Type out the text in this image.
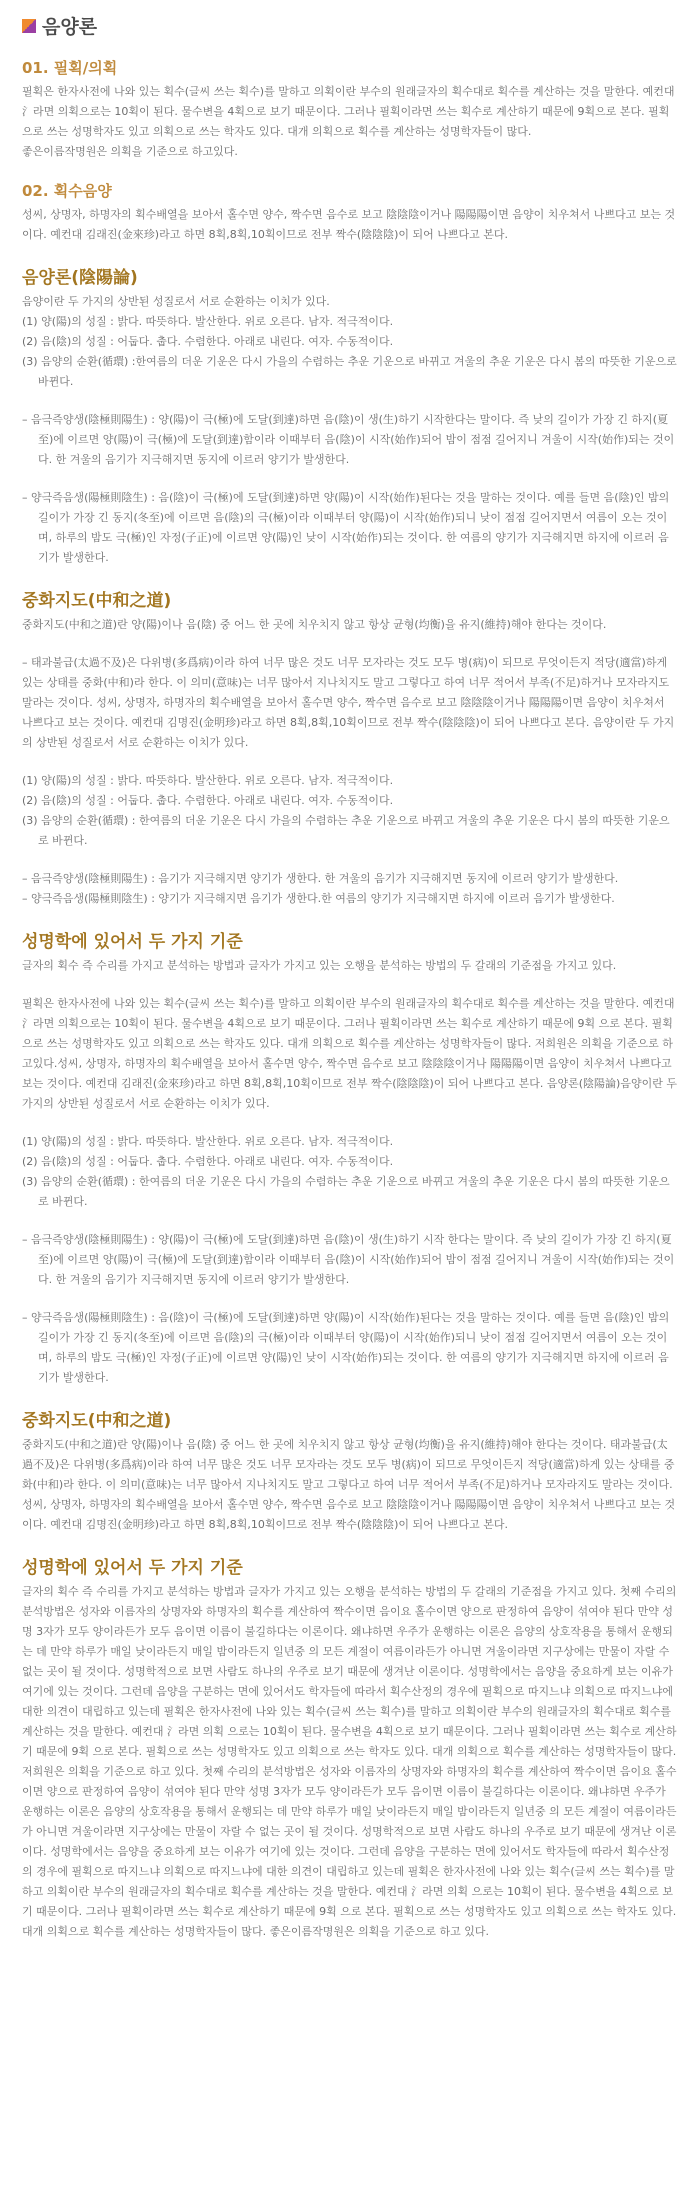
음양론
01. 필획/의획

필획은 한자사전에 나와 있는 획수(글씨 쓰는 획수)를 말하고 의획이란 부수의 원래글자의 획수대로 획수를 계산하는 것을 말한다. 예컨대 氵라면 의획으로는 10획이 된다. 물수변을 4획으로 보기 때문이다. 그러나 필획이라면 쓰는 획수로 계산하기 때문에 9획으로 본다. 필획으로 쓰는 성명학자도 있고 의획으로 쓰는 학자도 있다. 대개 의획으로 획수를 계산하는 성명학자들이 많다.

좋은이름작명원은 의획을 기준으로 하고있다.

02. 획수음양

성씨, 상명자, 하명자의 획수배열을 보아서 홀수면 양수, 짝수면 음수로 보고 陰陰陰이거나 陽陽陽이면 음양이 치우쳐서 나쁘다고 보는 것이다. 예컨대 김래진(金來珍)라고 하면 8획,8획,10획이므로 전부 짝수(陰陰陰)이 되어 나쁘다고 본다.

음양론(陰陽論)

음양이란 두 가지의 상반된 성질로서 서로 순환하는 이치가 있다.

(1) 양(陽)의 성질 : 밝다. 따뜻하다. 발산한다. 위로 오른다. 남자. 적극적이다.

(2) 음(陰)의 성질 : 어둡다. 춥다. 수렴한다. 아래로 내린다. 여자. 수동적이다.

(3) 음양의 순환(循環) :한여름의 더운 기운은 다시 가을의 수렴하는 추운 기운으로 바뀌고 겨울의 추운 기운은 다시 봄의 따뜻한 기운으로 바뀐다.

– 음극즉양생(陰極則陽生) : 양(陽)이 극(極)에 도달(到達)하면 음(陰)이 생(生)하기 시작한다는 말이다. 즉 낮의 길이가 가장 긴 하지(夏至)에 이르면 양(陽)이 극(極)에 도달(到達)함이라 이때부터 음(陰)이 시작(始作)되어 밤이 점점 길어지니 겨울이 시작(始作)되는 것이다. 한 겨울의 음기가 지극해지면 동지에 이르러 양기가 발생한다.

– 양극즉음생(陽極則陰生) : 음(陰)이 극(極)에 도달(到達)하면 양(陽)이 시작(始作)된다는 것을 말하는 것이다. 예를 들면 음(陰)인 밤의 길이가 가장 긴 동지(冬至)에 이르면 음(陰)의 극(極)이라 이때부터 양(陽)이 시작(始作)되니 낮이 점점 길어지면서 여름이 오는 것이며, 하루의 밤도 극(極)인 자정(子正)에 이르면 양(陽)인 낮이 시작(始作)되는 것이다. 한 여름의 양기가 지극해지면 하지에 이르러 음기가 발생한다.

중화지도(中和之道)

중화지도(中和之道)란 양(陽)이나 음(陰) 중 어느 한 곳에 치우치지 않고 항상 균형(均衡)을 유지(維持)해야 한다는 것이다.

– 태과불급(太過不及)은 다위병(多爲病)이라 하여 너무 많은 것도 너무 모자라는 것도 모두 병(病)이 되므로 무엇이든지 적당(適當)하게 있는 상태를 중화(中和)라 한다. 이 의미(意味)는 너무 많아서 지나치지도 말고 그렇다고 하여 너무 적어서 부족(不足)하거나 모자라지도 말라는 것이다. 성씨, 상명자, 하명자의 획수배열을 보아서 홀수면 양수, 짝수면 음수로 보고 陰陰陰이거나 陽陽陽이면 음양이 치우쳐서 나쁘다고 보는 것이다. 예컨대 김명진(金明珍)라고 하면 8획,8획,10획이므로 전부 짝수(陰陰陰)이 되어 나쁘다고 본다. 음양이란 두 가지의 상반된 성질로서 서로 순환하는 이치가 있다.

(1) 양(陽)의 성질 : 밝다. 따뜻하다. 발산한다. 위로 오른다. 남자. 적극적이다.

(2) 음(陰)의 성질 : 어둡다. 춥다. 수렴한다. 아래로 내린다. 여자. 수동적이다.

(3) 음양의 순환(循環) : 한여름의 더운 기운은 다시 가을의 수렴하는 추운 기운으로 바뀌고 겨울의 추운 기운은 다시 봄의 따뜻한 기운으로 바뀐다.

– 음극즉양생(陰極則陽生) : 음기가 지극해지면 양기가 생한다. 한 겨울의 음기가 지극해지면 동지에 이르러 양기가 발생한다.

– 양극즉음생(陽極則陰生) : 양기가 지극해지면 음기가 생한다.한 여름의 양기가 지극해지면 하지에 이르러 음기가 발생한다.

성명학에 있어서 두 가지 기준

글자의 획수 즉 수리를 가지고 분석하는 방법과 글자가 가지고 있는 오행을 분석하는 방법의 두 갈래의 기준점을 가지고 있다.

필획은 한자사전에 나와 있는 획수(글씨 쓰는 획수)를 말하고 의획이란 부수의 원래글자의 획수대로 획수를 계산하는 것을 말한다. 예컨대 氵라면 의획으로는 10획이 된다. 물수변을 4획으로 보기 때문이다. 그러나 필획이라면 쓰는 획수로 계산하기 때문에 9획 으로 본다. 필획으로 쓰는 성명학자도 있고 의획으로 쓰는 학자도 있다. 대개 의획으로 획수를 계산하는 성명학자들이 많다. 저희원은 의획을 기준으로 하고있다.성씨, 상명자, 하명자의 획수배열을 보아서 홀수면 양수, 짝수면 음수로 보고 陰陰陰이거나 陽陽陽이면 음양이 치우쳐서 나쁘다고 보는 것이다. 예컨대 김래진(金來珍)라고 하면 8획,8획,10획이므로 전부 짝수(陰陰陰)이 되어 나쁘다고 본다. 음양론(陰陽論)음양이란 두 가지의 상반된 성질로서 서로 순환하는 이치가 있다.

(1) 양(陽)의 성질 : 밝다. 따뜻하다. 발산한다. 위로 오른다. 남자. 적극적이다.

(2) 음(陰)의 성질 : 어둡다. 춥다. 수렴한다. 아래로 내린다. 여자. 수동적이다.

(3) 음양의 순환(循環) : 한여름의 더운 기운은 다시 가을의 수렴하는 추운 기운으로 바뀌고 겨울의 추운 기운은 다시 봄의 따뜻한 기운으로 바뀐다.

– 음극즉양생(陰極則陽生) : 양(陽)이 극(極)에 도달(到達)하면 음(陰)이 생(生)하기 시작 한다는 말이다. 즉 낮의 길이가 가장 긴 하지(夏至)에 이르면 양(陽)이 극(極)에 도달(到達)함이라 이때부터 음(陰)이 시작(始作)되어 밤이 점점 길어지니 겨울이 시작(始作)되는 것이다. 한 겨울의 음기가 지극해지면 동지에 이르러 양기가 발생한다.

– 양극즉음생(陽極則陰生) : 음(陰)이 극(極)에 도달(到達)하면 양(陽)이 시작(始作)된다는 것을 말하는 것이다. 예를 들면 음(陰)인 밤의 길이가 가장 긴 동지(冬至)에 이르면 음(陰)의 극(極)이라 이때부터 양(陽)이 시작(始作)되니 낮이 점점 길어지면서 여름이 오는 것이며, 하루의 밤도 극(極)인 자정(子正)에 이르면 양(陽)인 낮이 시작(始作)되는 것이다. 한 여름의 양기가 지극해지면 하지에 이르러 음기가 발생한다.

중화지도(中和之道)

중화지도(中和之道)란 양(陽)이나 음(陰) 중 어느 한 곳에 치우치지 않고 항상 균형(均衡)을 유지(維持)해야 한다는 것이다. 태과불급(太過不及)은 다위병(多爲病)이라 하여 너무 많은 것도 너무 모자라는 것도 모두 병(病)이 되므로 무엇이든지 적당(適當)하게 있는 상태를 중화(中和)라 한다. 이 의미(意味)는 너무 많아서 지나치지도 말고 그렇다고 하여 너무 적어서 부족(不足)하거나 모자라지도 말라는 것이다. 성씨, 상명자, 하명자의 획수배열을 보아서 홀수면 양수, 짝수면 음수로 보고 陰陰陰이거나 陽陽陽이면 음양이 치우쳐서 나쁘다고 보는 것이다. 예컨대 김명진(金明珍)라고 하면 8획,8획,10획이므로 전부 짝수(陰陰陰)이 되어 나쁘다고 본다.

성명학에 있어서 두 가지 기준

글자의 획수 즉 수리를 가지고 분석하는 방법과 글자가 가지고 있는 오행을 분석하는 방법의 두 갈래의 기준점을 가지고 있다. 첫째 수리의 분석방법은 성자와 이름자의 상명자와 하명자의 획수를 계산하여 짝수이면 음이요 홀수이면 양으로 판정하여 음양이 섞여야 된다 만약 성명 3자가 모두 양이라든가 모두 음이면 이름이 불길하다는 이론이다. 왜냐하면 우주가 운행하는 이론은 음양의 상호작용을 통해서 운행되는 데 만약 하루가 매일 낮이라든지 매일 밤이라든지 일년중 의 모든 계절이 여름이라든가 아니면 겨울이라면 지구상에는 만물이 자랄 수 없는 곳이 될 것이다. 성명학적으로 보면 사람도 하나의 우주로 보기 때문에 생겨난 이론이다. 성명학에서는 음양을 중요하게 보는 이유가 여기에 있는 것이다. 그런데 음양을 구분하는 면에 있어서도 학자들에 따라서 획수산정의 경우에 필획으로 따지느냐 의획으로 따지느냐에 대한 의견이 대립하고 있는데 필획은 한자사전에 나와 있는 획수(글씨 쓰는 획수)를 말하고 의획이란 부수의 원래글자의 획수대로 획수를 계산하는 것을 말한다. 예컨대 氵라면 의획 으로는 10획이 된다. 물수변을 4획으로 보기 때문이다. 그러나 필획이라면 쓰는 획수로 계산하기 때문에 9획 으로 본다. 필획으로 쓰는 성명학자도 있고 의획으로 쓰는 학자도 있다. 대개 의획으로 획수를 계산하는 성명학자들이 많다. 저희원은 의획을 기준으로 하고 있다. 첫째 수리의 분석방법은 성자와 이름자의 상명자와 하명자의 획수를 계산하여 짝수이면 음이요 홀수이면 양으로 판정하여 음양이 섞여야 된다 만약 성명 3자가 모두 양이라든가 모두 음이면 이름이 불길하다는 이론이다. 왜냐하면 우주가 운행하는 이론은 음양의 상호작용을 통해서 운행되는 데 만약 하루가 매일 낮이라든지 매일 밤이라든지 일년중 의 모든 계절이 여름이라든가 아니면 겨울이라면 지구상에는 만물이 자랄 수 없는 곳이 될 것이다. 성명학적으로 보면 사람도 하나의 우주로 보기 때문에 생겨난 이론이다. 성명학에서는 음양을 중요하게 보는 이유가 여기에 있는 것이다. 그런데 음양을 구분하는 면에 있어서도 학자들에 따라서 획수산정의 경우에 필획으로 따지느냐 의획으로 따지느냐에 대한 의견이 대립하고 있는데 필획은 한자사전에 나와 있는 획수(글씨 쓰는 획수)를 말하고 의획이란 부수의 원래글자의 획수대로 획수를 계산하는 것을 말한다. 예컨대 氵라면 의획 으로는 10획이 된다. 물수변을 4획으로 보기 때문이다. 그러나 필획이라면 쓰는 획수로 계산하기 때문에 9획 으로 본다. 필획으로 쓰는 성명학자도 있고 의획으로 쓰는 학자도 있다. 대개 의획으로 획수를 계산하는 성명학자들이 많다. 좋은이름작명원은 의획을 기준으로 하고 있다.
